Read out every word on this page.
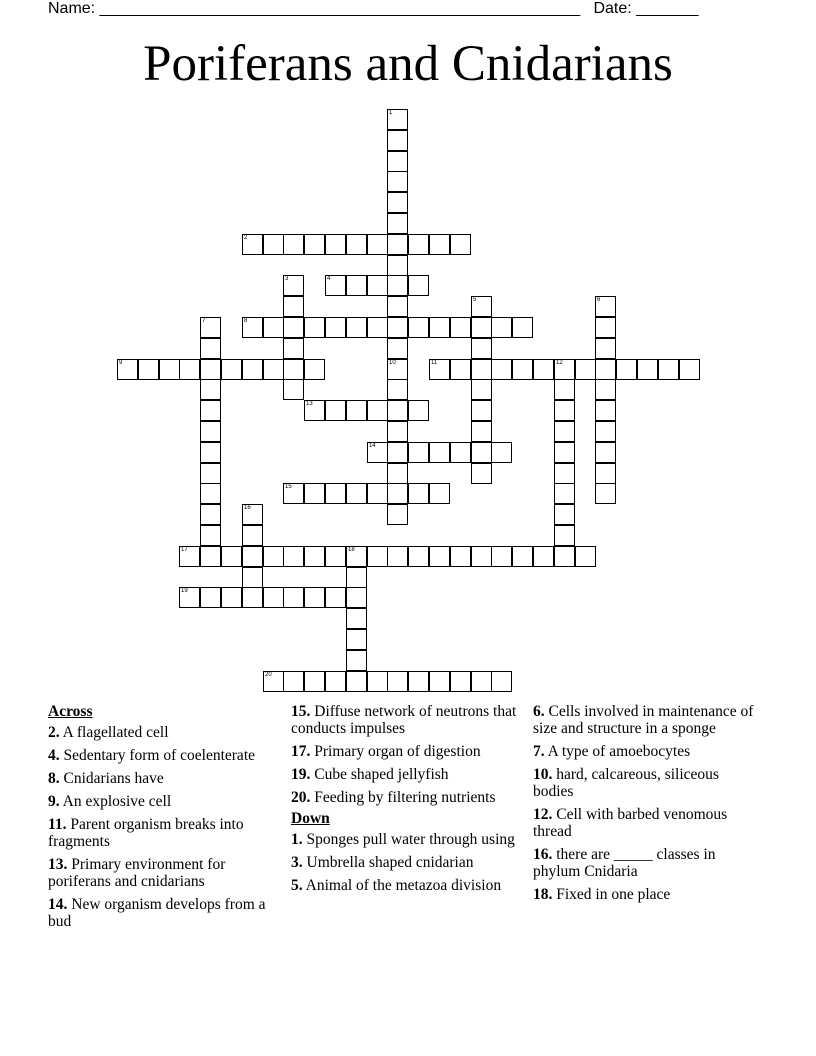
Name: ______________________________________________________ Date: _______
Poriferans and Cnidarians
1
10
2
3	4
5	6
7	8
9	11	12
13
14
15
16
17	18
19
20
Across
2. A flagellated cell
4. Sedentary form of coelenterate
8. Cnidarians have
9. An explosive cell
11. Parent organism breaks into fragments
13. Primary environment for poriferans and cnidarians
14. New organism develops from a bud
15. Diffuse network of neutrons that conducts impulses
17. Primary organ of digestion
19. Cube shaped jellyfish
20. Feeding by filtering nutrients
Down
1. Sponges pull water through using
3. Umbrella shaped cnidarian
5. Animal of the metazoa division
6. Cells involved in maintenance of size and structure in a sponge
7. A type of amoebocytes
10. hard, calcareous, siliceous bodies
12. Cell with barbed venomous thread
16. there are _____ classes in phylum Cnidaria
18. Fixed in one place
